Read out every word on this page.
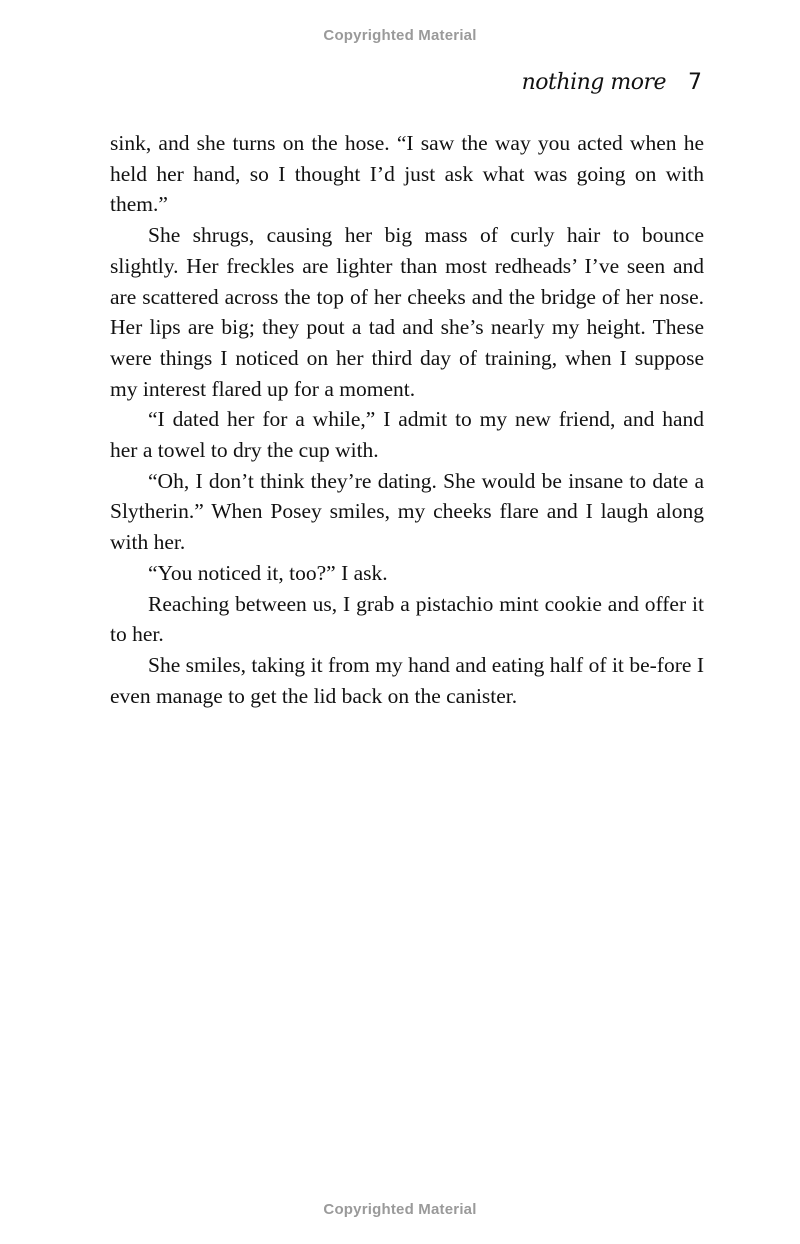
Copyrighted Material
nothing more 7

sink, and she turns on the hose. “I saw the way you acted when he held her hand, so I thought I’d just ask what was going on with them.”

She shrugs, causing her big mass of curly hair to bounce slightly. Her freckles are lighter than most redheads’ I’ve seen and are scattered across the top of her cheeks and the bridge of her nose. Her lips are big; they pout a tad and she’s nearly my height. These were things I noticed on her third day of training, when I suppose my interest flared up for a moment.

“I dated her for a while,” I admit to my new friend, and hand her a towel to dry the cup with.

“Oh, I don’t think they’re dating. She would be insane to date a Slytherin.” When Posey smiles, my cheeks flare and I laugh along with her.

“You noticed it, too?” I ask.

Reaching between us, I grab a pistachio mint cookie and offer it to her.

She smiles, taking it from my hand and eating half of it be-fore I even manage to get the lid back on the canister.

Copyrighted Material
